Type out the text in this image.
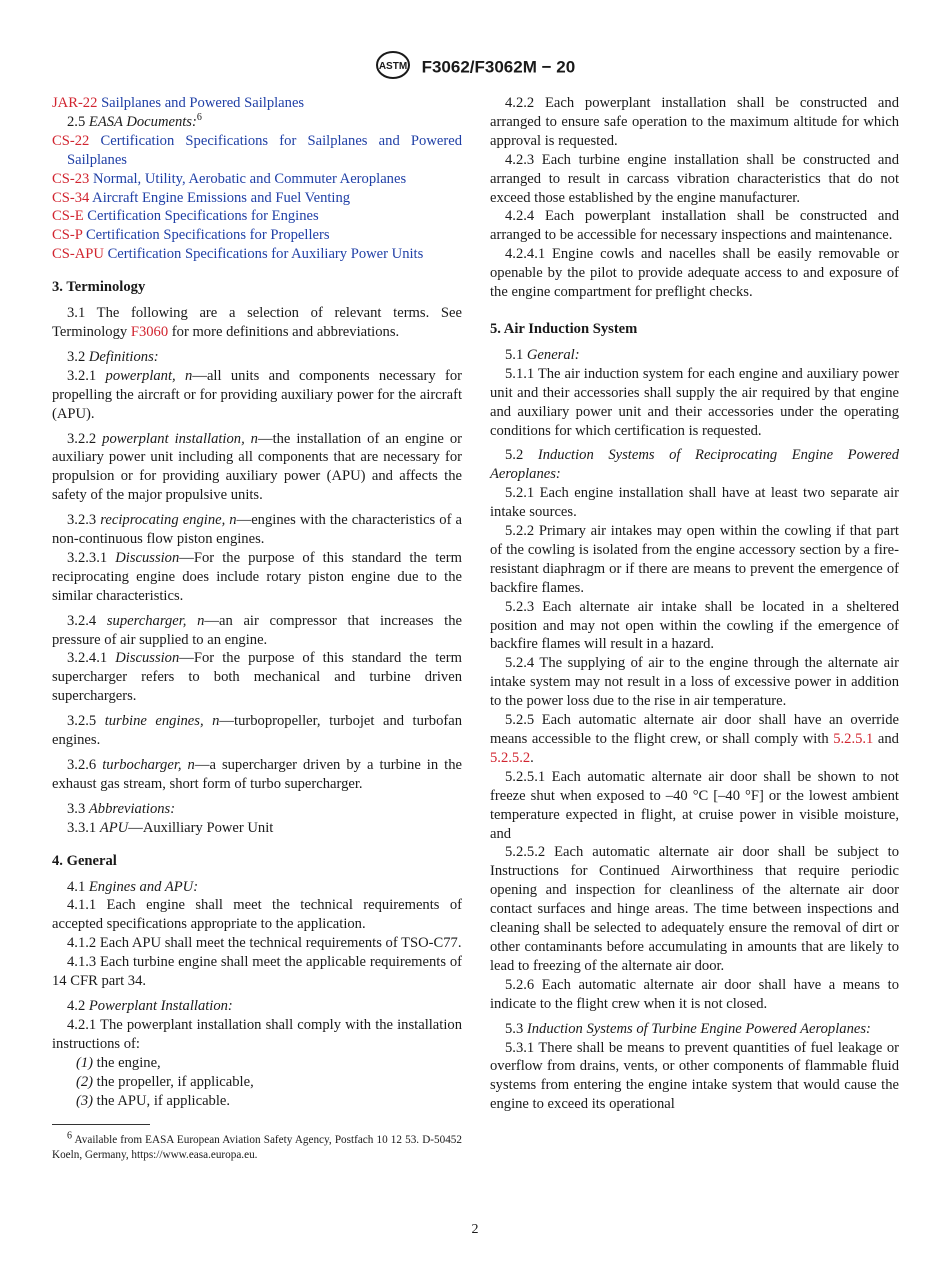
ASTM F3062/F3062M − 20

JAR-22 Sailplanes and Powered Sailplanes

2.5 EASA Documents:$^6$

CS-22 Certification Specifications for Sailplanes and Powered Sailplanes

CS-23 Normal, Utility, Aerobatic and Commuter Aeroplanes

CS-34 Aircraft Engine Emissions and Fuel Venting

CS-E Certification Specifications for Engines

CS-P Certification Specifications for Propellers

CS-APU Certification Specifications for Auxiliary Power Units

3. Terminology

3.1 The following are a selection of relevant terms. See Terminology F3060 for more definitions and abbreviations.

3.2 Definitions:

3.2.1 powerplant, n—all units and components necessary for propelling the aircraft or for providing auxiliary power for the aircraft (APU).

3.2.2 powerplant installation, n—the installation of an engine or auxiliary power unit including all components that are necessary for propulsion or for providing auxiliary power (APU) and affects the safety of the major propulsive units.

3.2.3 reciprocating engine, n—engines with the characteristics of a non-continuous flow piston engines.

3.2.3.1 Discussion—For the purpose of this standard the term reciprocating engine does include rotary piston engine due to the similar characteristics.

3.2.4 supercharger, n—an air compressor that increases the pressure of air supplied to an engine.

3.2.4.1 Discussion—For the purpose of this standard the term supercharger refers to both mechanical and turbine driven superchargers.

3.2.5 turbine engines, n—turbopropeller, turbojet and turbofan engines.

3.2.6 turbocharger, n—a supercharger driven by a turbine in the exhaust gas stream, short form of turbo supercharger.

3.3 Abbreviations:

3.3.1 APU—Auxilliary Power Unit

4. General

4.1 Engines and APU:

4.1.1 Each engine shall meet the technical requirements of accepted specifications appropriate to the application.

4.1.2 Each APU shall meet the technical requirements of TSO-C77.

4.1.3 Each turbine engine shall meet the applicable requirements of 14 CFR part 34.

4.2 Powerplant Installation:

4.2.1 The powerplant installation shall comply with the installation instructions of:

(1) the engine,

(2) the propeller, if applicable,

(3) the APU, if applicable.

$^6$ Available from EASA European Aviation Safety Agency, Postfach 10 12 53. D-50452 Koeln, Germany, https://www.easa.europa.eu.

4.2.2 Each powerplant installation shall be constructed and arranged to ensure safe operation to the maximum altitude for which approval is requested.

4.2.3 Each turbine engine installation shall be constructed and arranged to result in carcass vibration characteristics that do not exceed those established by the engine manufacturer.

4.2.4 Each powerplant installation shall be constructed and arranged to be accessible for necessary inspections and maintenance.

4.2.4.1 Engine cowls and nacelles shall be easily removable or openable by the pilot to provide adequate access to and exposure of the engine compartment for preflight checks.

5. Air Induction System

5.1 General:

5.1.1 The air induction system for each engine and auxiliary power unit and their accessories shall supply the air required by that engine and auxiliary power unit and their accessories under the operating conditions for which certification is requested.

5.2 Induction Systems of Reciprocating Engine Powered Aeroplanes:

5.2.1 Each engine installation shall have at least two separate air intake sources.

5.2.2 Primary air intakes may open within the cowling if that part of the cowling is isolated from the engine accessory section by a fire-resistant diaphragm or if there are means to prevent the emergence of backfire flames.

5.2.3 Each alternate air intake shall be located in a sheltered position and may not open within the cowling if the emergence of backfire flames will result in a hazard.

5.2.4 The supplying of air to the engine through the alternate air intake system may not result in a loss of excessive power in addition to the power loss due to the rise in air temperature.

5.2.5 Each automatic alternate air door shall have an override means accessible to the flight crew, or shall comply with 5.2.5.1 and 5.2.5.2.

5.2.5.1 Each automatic alternate air door shall be shown to not freeze shut when exposed to –40 °C [–40 °F] or the lowest ambient temperature expected in flight, at cruise power in visible moisture, and

5.2.5.2 Each automatic alternate air door shall be subject to Instructions for Continued Airworthiness that require periodic opening and inspection for cleanliness of the alternate air door contact surfaces and hinge areas. The time between inspections and cleaning shall be selected to adequately ensure the removal of dirt or other contaminants before accumulating in amounts that are likely to lead to freezing of the alternate air door.

5.2.6 Each automatic alternate air door shall have a means to indicate to the flight crew when it is not closed.

5.3 Induction Systems of Turbine Engine Powered Aeroplanes:

5.3.1 There shall be means to prevent quantities of fuel leakage or overflow from drains, vents, or other components of flammable fluid systems from entering the engine intake system that would cause the engine to exceed its operational

2
